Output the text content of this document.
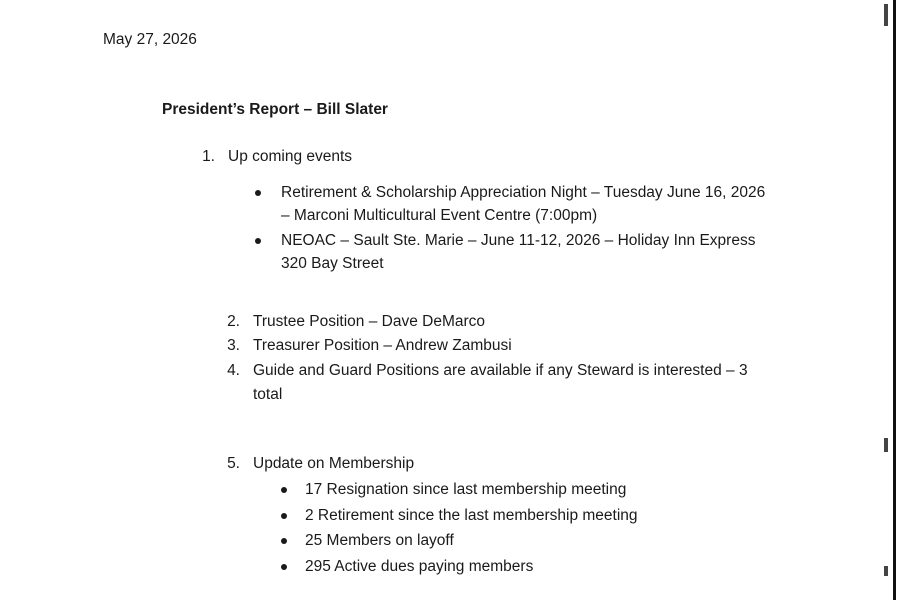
May 27, 2026
President’s Report – Bill Slater
1. Up coming events
Retirement & Scholarship Appreciation Night – Tuesday June 16, 2026
– Marconi Multicultural Event Centre (7:00pm)
NEOAC – Sault Ste. Marie – June 11-12, 2026 – Holiday Inn Express
320 Bay Street
2. Trustee Position – Dave DeMarco
3. Treasurer Position – Andrew Zambusi
4. Guide and Guard Positions are available if any Steward is interested – 3
total
5. Update on Membership
17 Resignation since last membership meeting
2 Retirement since the last membership meeting
25 Members on layoff
295 Active dues paying members
